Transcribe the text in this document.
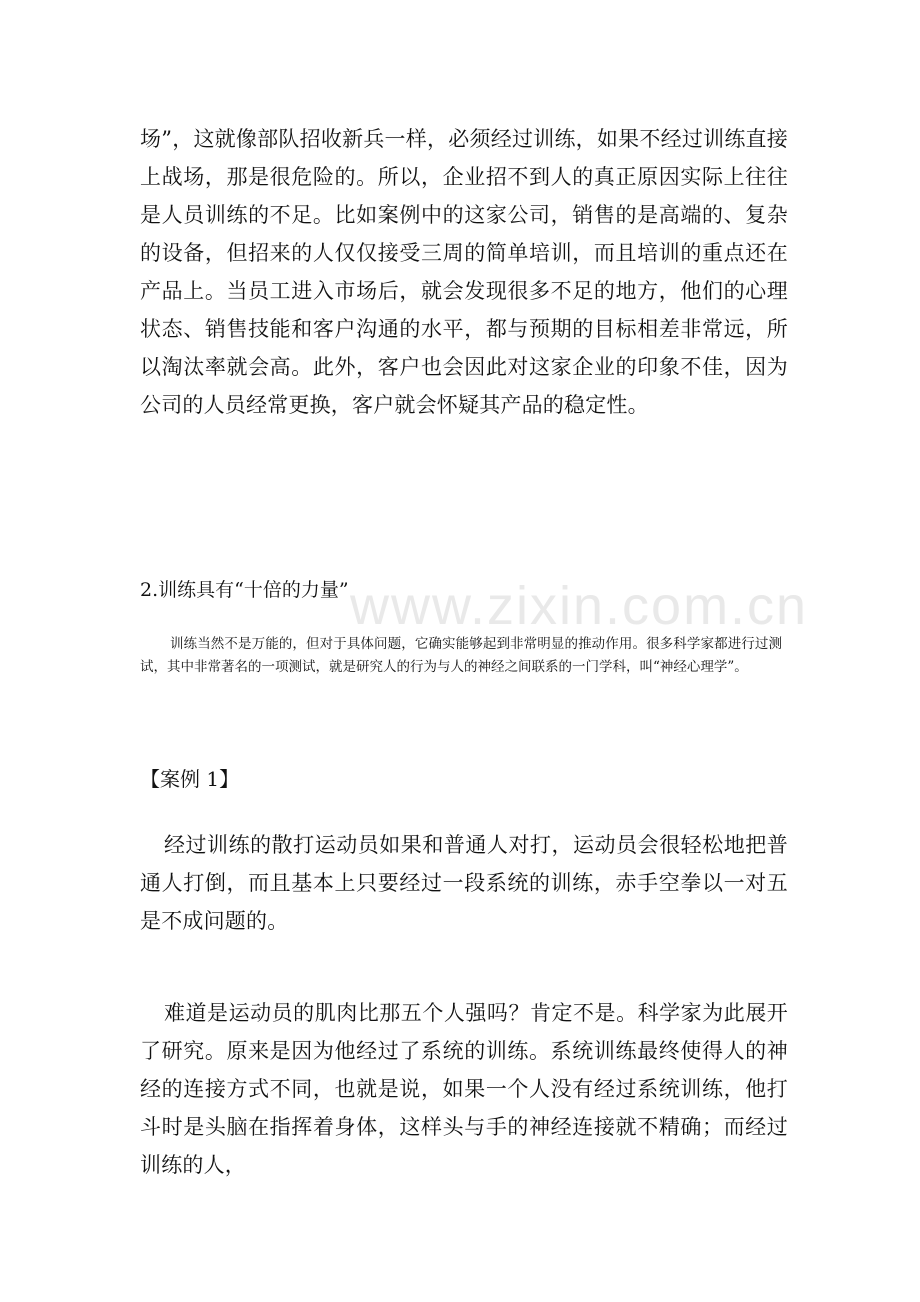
www.zixin.com.cn

场”，这就像部队招收新兵一样，必须经过训练，如果不经过训练直接上战场，那是很危险的。所以，企业招不到人的真正原因实际上往往是人员训练的不足。比如案例中的这家公司，销售的是高端的、复杂的设备，但招来的人仅仅接受三周的简单培训，而且培训的重点还在产品上。当员工进入市场后，就会发现很多不足的地方，他们的心理状态、销售技能和客户沟通的水平，都与预期的目标相差非常远，所以淘汰率就会高。此外，客户也会因此对这家企业的印象不佳，因为公司的人员经常更换，客户就会怀疑其产品的稳定性。

2.训练具有“十倍的力量”

训练当然不是万能的，但对于具体问题，它确实能够起到非常明显的推动作用。很多科学家都进行过测试，其中非常著名的一项测试，就是研究人的行为与人的神经之间联系的一门学科，叫“神经心理学”。

【案例 1】

经过训练的散打运动员如果和普通人对打，运动员会很轻松地把普通人打倒，而且基本上只要经过一段系统的训练，赤手空拳以一对五是不成问题的。

难道是运动员的肌肉比那五个人强吗？肯定不是。科学家为此展开了研究。原来是因为他经过了系统的训练。系统训练最终使得人的神经的连接方式不同，也就是说，如果一个人没有经过系统训练，他打斗时是头脑在指挥着身体，这样头与手的神经连接就不精确；而经过训练的人，
